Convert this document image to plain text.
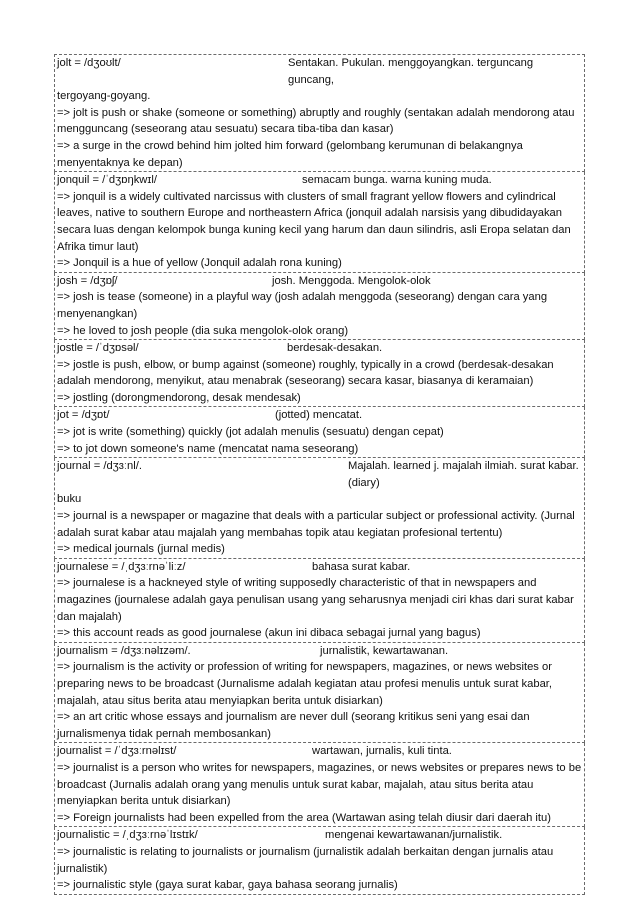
jolt = /dʒoʊlt/	Sentakan. Pukulan. menggoyangkan. terguncang guncang,
tergoyang-goyang.
=> jolt is push or shake (someone or something) abruptly and roughly (sentakan adalah mendorong atau mengguncang (seseorang atau sesuatu) secara tiba-tiba dan kasar)
=> a surge in the crowd behind him jolted him forward (gelombang kerumunan di belakangnya menyentaknya ke depan)
jonquil = /ˈdʒɒŋkwɪl/	semacam bunga. warna kuning muda.
=> jonquil is a widely cultivated narcissus with clusters of small fragrant yellow flowers and cylindrical leaves, native to southern Europe and northeastern Africa (jonquil adalah narsisis yang dibudidayakan secara luas dengan kelompok bunga kuning kecil yang harum dan daun silindris, asli Eropa selatan dan Afrika timur laut)
=> Jonquil is a hue of yellow (Jonquil adalah rona kuning)
josh = /dʒɒʃ/	josh. Menggoda. Mengolok-olok
=> josh is tease (someone) in a playful way (josh adalah menggoda (seseorang) dengan cara yang menyenangkan)
=> he loved to josh people (dia suka mengolok-olok orang)
jostle = /ˈdʒɒsəl/	berdesak-desakan.
=> jostle is push, elbow, or bump against (someone) roughly, typically in a crowd (berdesak-desakan adalah mendorong, menyikut, atau menabrak (seseorang) secara kasar, biasanya di keramaian)
=> jostling (dorongmendorong, desak mendesak)
jot = /dʒɒt/	(jotted) mencatat.
=> jot is write (something) quickly (jot adalah menulis (sesuatu) dengan cepat)
=> to jot down someone's name (mencatat nama seseorang)
journal = /dʒɜːnl/.	Majalah. learned j. majalah ilmiah. surat kabar. (diary)
buku
=> journal is a newspaper or magazine that deals with a particular subject or professional activity. (Jurnal adalah surat kabar atau majalah yang membahas topik atau kegiatan profesional tertentu)
=> medical journals (jurnal medis)
journalese = /ˌdʒɜːrnəˈliːz/	bahasa surat kabar.
=> journalese is a hackneyed style of writing supposedly characteristic of that in newspapers and magazines (journalese adalah gaya penulisan usang yang seharusnya menjadi ciri khas dari surat kabar dan majalah)
=> this account reads as good journalese (akun ini dibaca sebagai jurnal yang bagus)
journalism = /dʒɜːnəlɪzəm/.	jurnalistik, kewartawanan.
=> journalism is the activity or profession of writing for newspapers, magazines, or news websites or preparing news to be broadcast (Jurnalisme adalah kegiatan atau profesi menulis untuk surat kabar, majalah, atau situs berita atau menyiapkan berita untuk disiarkan)
=> an art critic whose essays and journalism are never dull (seorang kritikus seni yang esai dan jurnalismenya tidak pernah membosankan)
journalist = /ˈdʒɜːrnəlɪst/	wartawan, jurnalis, kuli tinta.
=> journalist is a person who writes for newspapers, magazines, or news websites or prepares news to be broadcast (Jurnalis adalah orang yang menulis untuk surat kabar, majalah, atau situs berita atau menyiapkan berita untuk disiarkan)
=> Foreign journalists had been expelled from the area (Wartawan asing telah diusir dari daerah itu)
journalistic = /ˌdʒɜːrnəˈlɪstɪk/	mengenai kewartawanan/jurnalistik.
=> journalistic is relating to journalists or journalism (jurnalistik adalah berkaitan dengan jurnalis atau jurnalistik)
=> journalistic style (gaya surat kabar, gaya bahasa seorang jurnalis)
